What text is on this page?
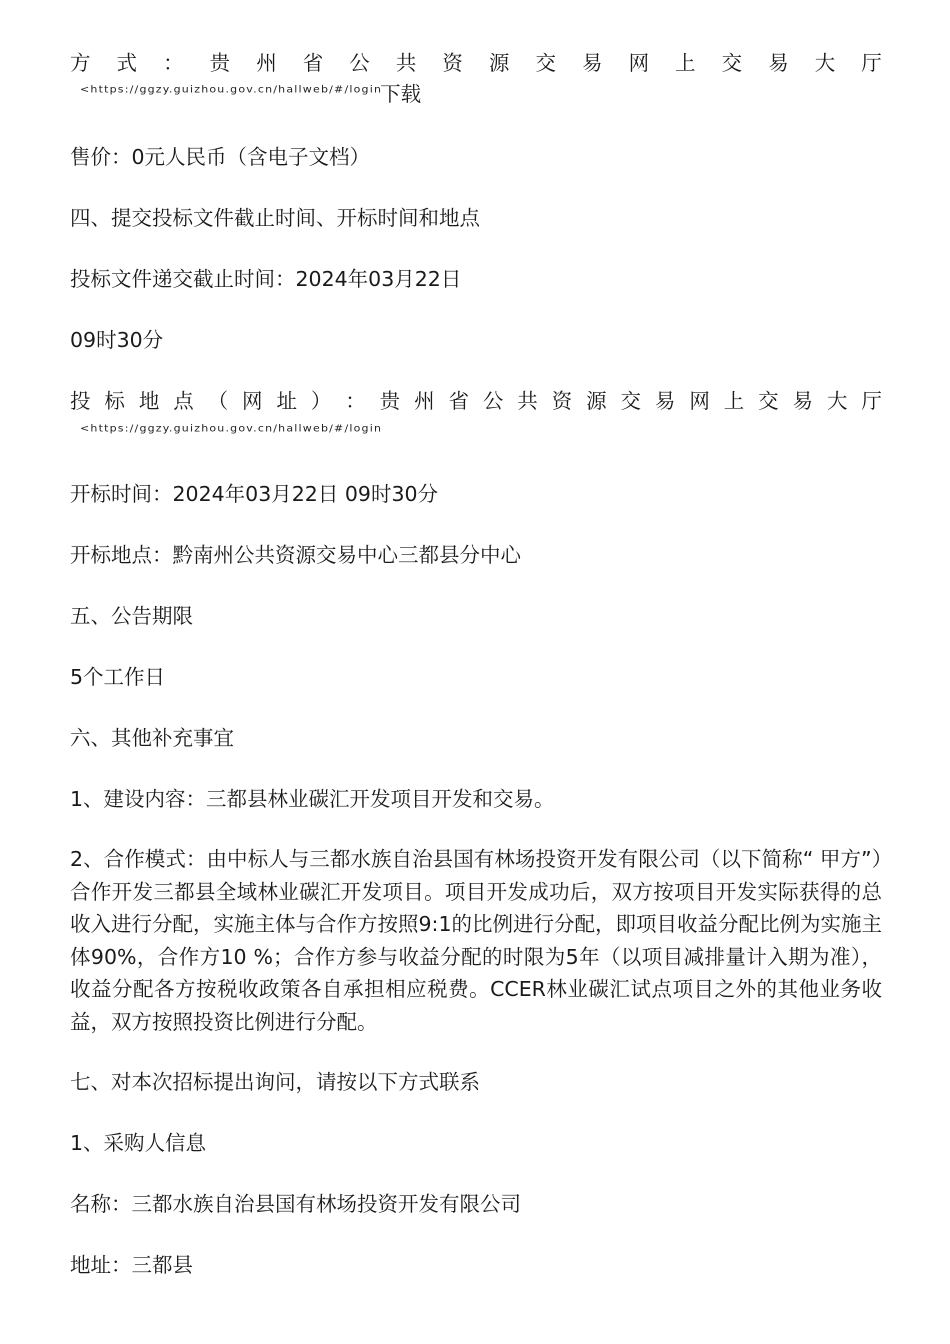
方 式 ： 贵 州 省 公 共 资 源 交 易 网 上 交 易 大 厅
<https://ggzy.guizhou.gov.cn/hallweb/#/login下载

售价：0元人民币（含电子文档）

四、提交投标文件截止时间、开标时间和地点

投标文件递交截止时间：2024年03月22日

09时30分

投 标 地 点 （ 网 址 ） ： 贵 州 省 公 共 资 源 交 易 网 上 交 易 大 厅
<https://ggzy.guizhou.gov.cn/hallweb/#/login

开标时间：2024年03月22日 09时30分

开标地点：黔南州公共资源交易中心三都县分中心

五、公告期限

5个工作日

六、其他补充事宜

1、建设内容：三都县林业碳汇开发项目开发和交易。

2、合作模式：由中标人与三都水族自治县国有林场投资开发有限公司（以下简称“ 甲方”）合作开发三都县全域林业碳汇开发项目。项目开发成功后，双方按项目开发实际获得的总收入进行分配，实施主体与合作方按照9:1的比例进行分配，即项目收益分配比例为实施主体90%，合作方10 %；合作方参与收益分配的时限为5年（以项目减排量计入期为准），收益分配各方按税收政策各自承担相应税费。CCER林业碳汇试点项目之外的其他业务收益，双方按照投资比例进行分配。

七、对本次招标提出询问，请按以下方式联系

1、采购人信息

名称：三都水族自治县国有林场投资开发有限公司

地址：三都县
